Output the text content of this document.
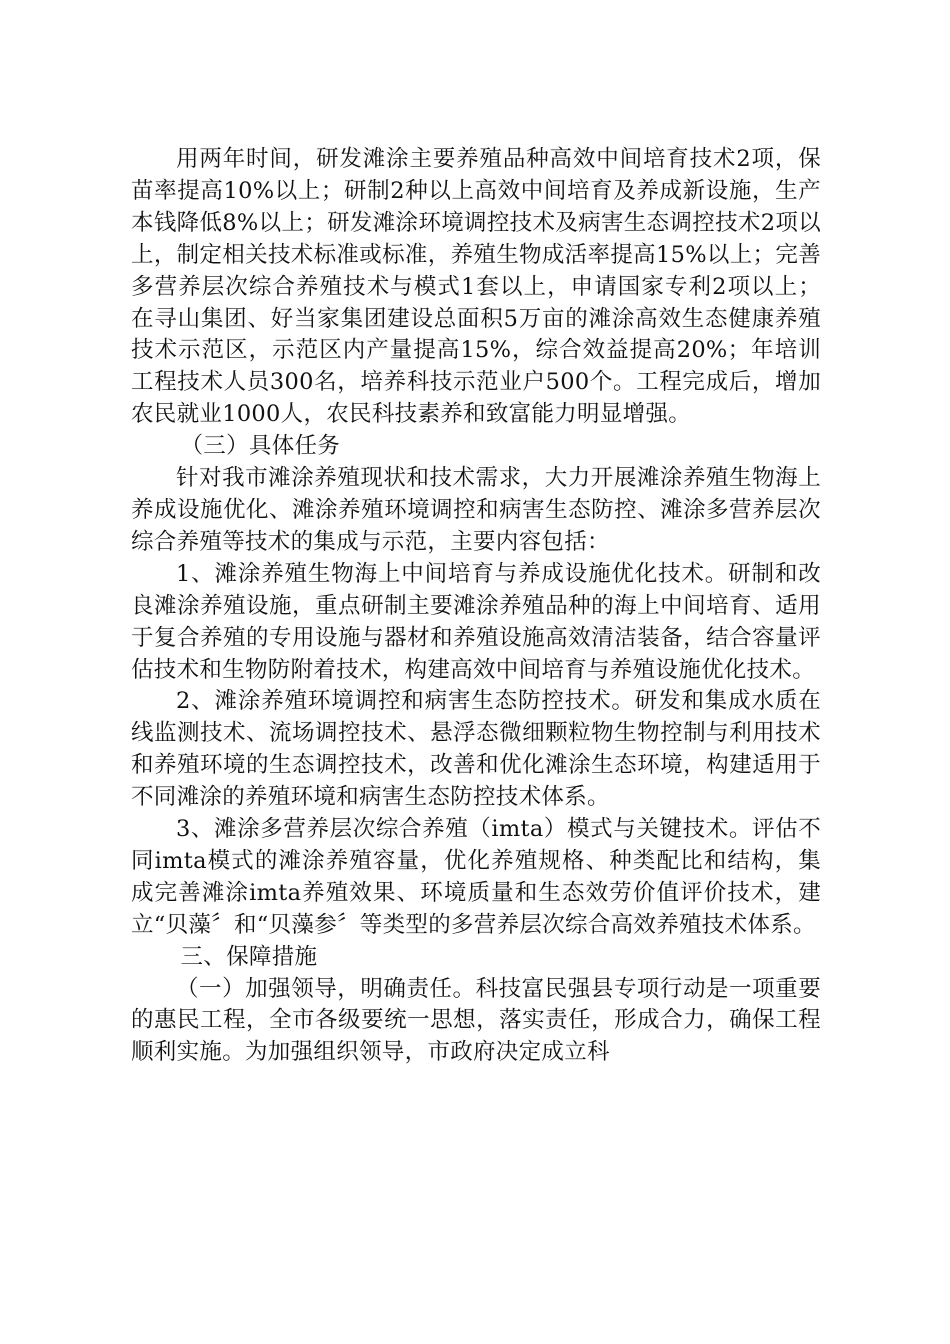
用两年时间，研发滩涂主要养殖品种高效中间培育技术2项，保苗率提高10%以上；研制2种以上高效中间培育及养成新设施，生产本钱降低8%以上；研发滩涂环境调控技术及病害生态调控技术2项以上，制定相关技术标准或标准，养殖生物成活率提高15%以上；完善多营养层次综合养殖技术与模式1套以上，申请国家专利2项以上；在寻山集团、好当家集团建设总面积5万亩的滩涂高效生态健康养殖技术示范区，示范区内产量提高15%，综合效益提高20%；年培训工程技术人员300名，培养科技示范业户500个。工程完成后，增加农民就业1000人，农民科技素养和致富能力明显增强。

（三）具体任务

针对我市滩涂养殖现状和技术需求，大力开展滩涂养殖生物海上养成设施优化、滩涂养殖环境调控和病害生态防控、滩涂多营养层次综合养殖等技术的集成与示范，主要内容包括：

1、滩涂养殖生物海上中间培育与养成设施优化技术。研制和改良滩涂养殖设施，重点研制主要滩涂养殖品种的海上中间培育、适用于复合养殖的专用设施与器材和养殖设施高效清洁装备，结合容量评估技术和生物防附着技术，构建高效中间培育与养殖设施优化技术。

2、滩涂养殖环境调控和病害生态防控技术。研发和集成水质在线监测技术、流场调控技术、悬浮态微细颗粒物生物控制与利用技术和养殖环境的生态调控技术，改善和优化滩涂生态环境，构建适用于不同滩涂的养殖环境和病害生态防控技术体系。

3、滩涂多营养层次综合养殖（imta）模式与关键技术。评估不同imta模式的滩涂养殖容量，优化养殖规格、种类配比和结构，集成完善滩涂imta养殖效果、环境质量和生态效劳价值评价技术，建立“贝藻〞和“贝藻参〞等类型的多营养层次综合高效养殖技术体系。

三、保障措施

（一）加强领导，明确责任。科技富民强县专项行动是一项重要的惠民工程，全市各级要统一思想，落实责任，形成合力，确保工程顺利实施。为加强组织领导，市政府决定成立科
